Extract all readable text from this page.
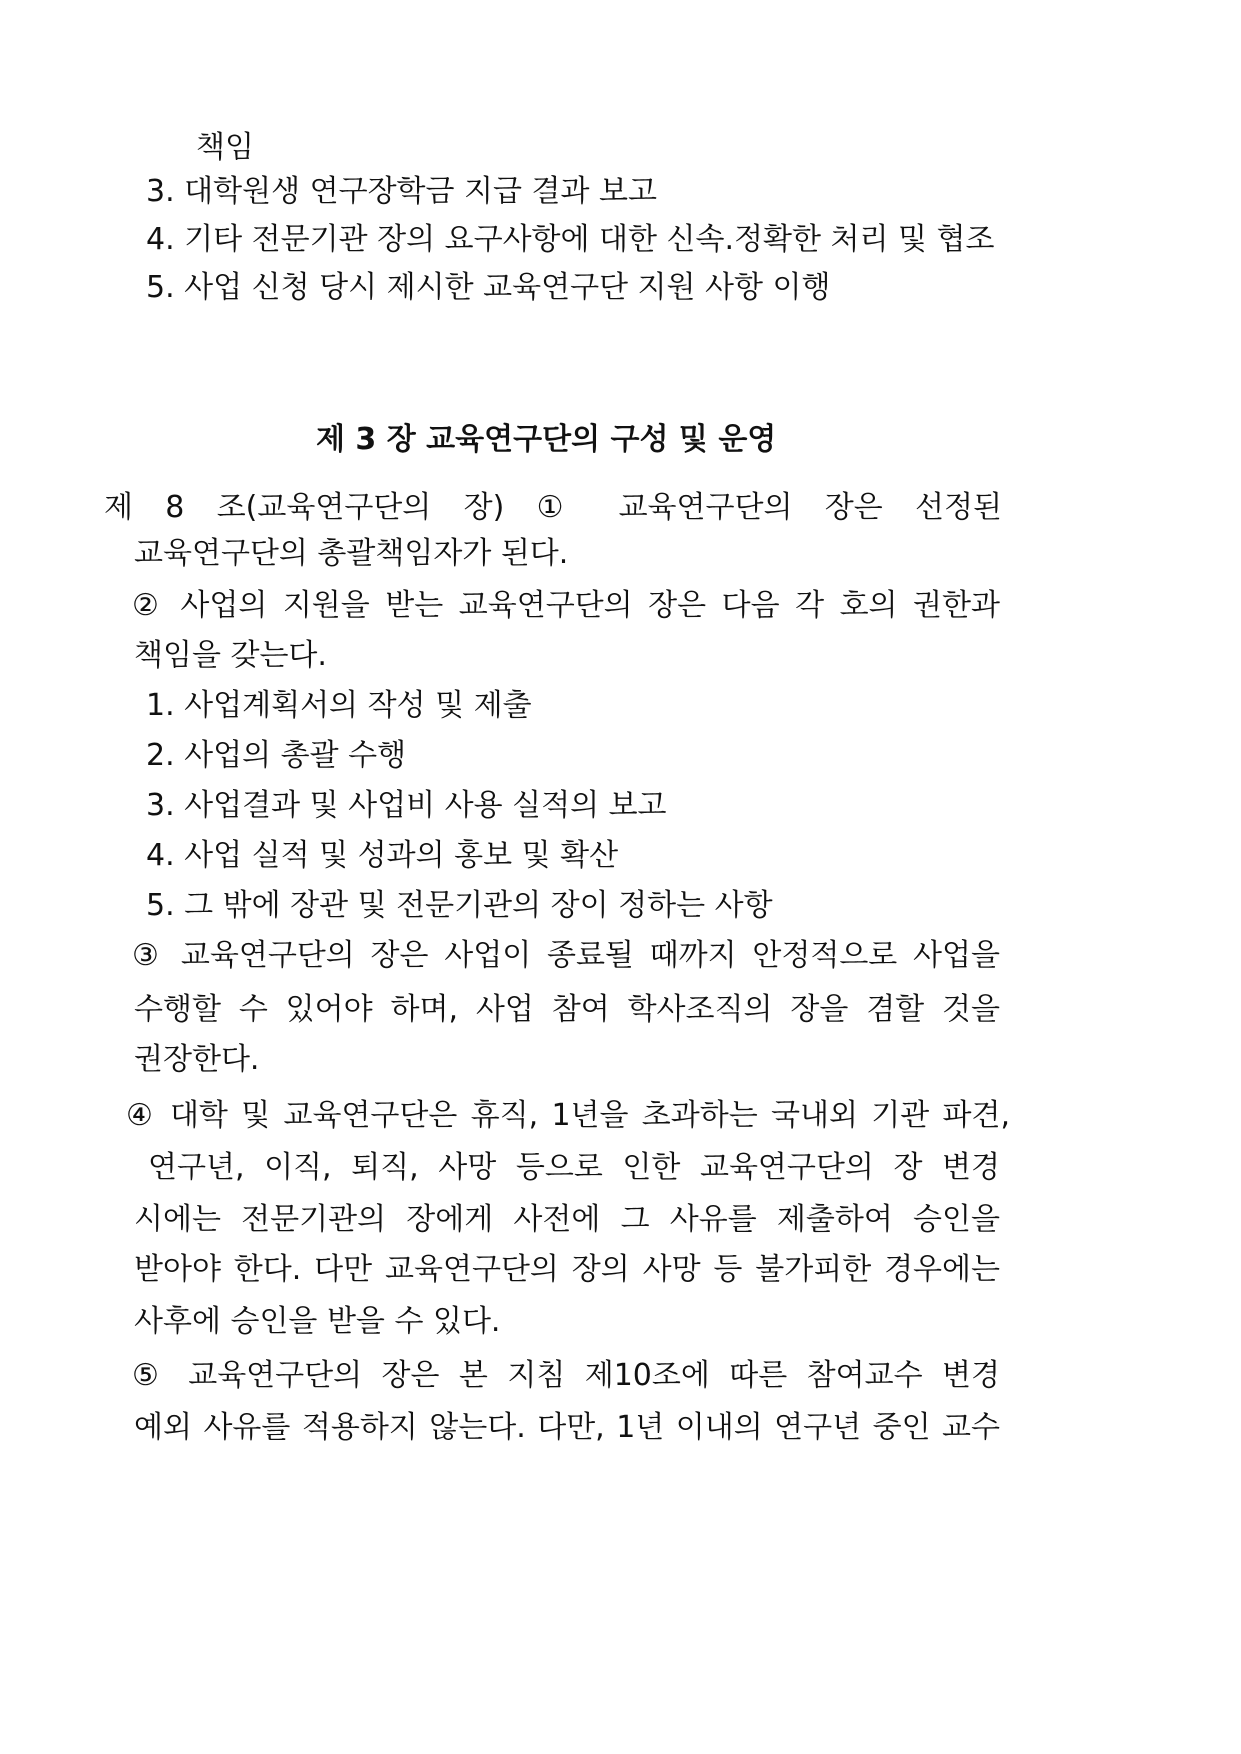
책임
3. 대학원생 연구장학금 지급 결과 보고
4. 기타 전문기관 장의 요구사항에 대한 신속.정확한 처리 및 협조
5. 사업 신청 당시 제시한 교육연구단 지원 사항 이행
제 3 장 교육연구단의 구성 및 운영
제 8 조(교육연구단의 장) ① 교육연구단의 장은 선정된
교육연구단의 총괄책임자가 된다.
② 사업의 지원을 받는 교육연구단의 장은 다음 각 호의 권한과
책임을 갖는다.
1. 사업계획서의 작성 및 제출
2. 사업의 총괄 수행
3. 사업결과 및 사업비 사용 실적의 보고
4. 사업 실적 및 성과의 홍보 및 확산
5. 그 밖에 장관 및 전문기관의 장이 정하는 사항
③ 교육연구단의 장은 사업이 종료될 때까지 안정적으로 사업을
수행할 수 있어야 하며, 사업 참여 학사조직의 장을 겸할 것을
권장한다.
④ 대학 및 교육연구단은 휴직, 1년을 초과하는 국내외 기관 파견,
연구년, 이직, 퇴직, 사망 등으로 인한 교육연구단의 장 변경
시에는 전문기관의 장에게 사전에 그 사유를 제출하여 승인을
받아야 한다. 다만 교육연구단의 장의 사망 등 불가피한 경우에는
사후에 승인을 받을 수 있다.
⑤ 교육연구단의 장은 본 지침 제10조에 따른 참여교수 변경
예외 사유를 적용하지 않는다. 다만, 1년 이내의 연구년 중인 교수
